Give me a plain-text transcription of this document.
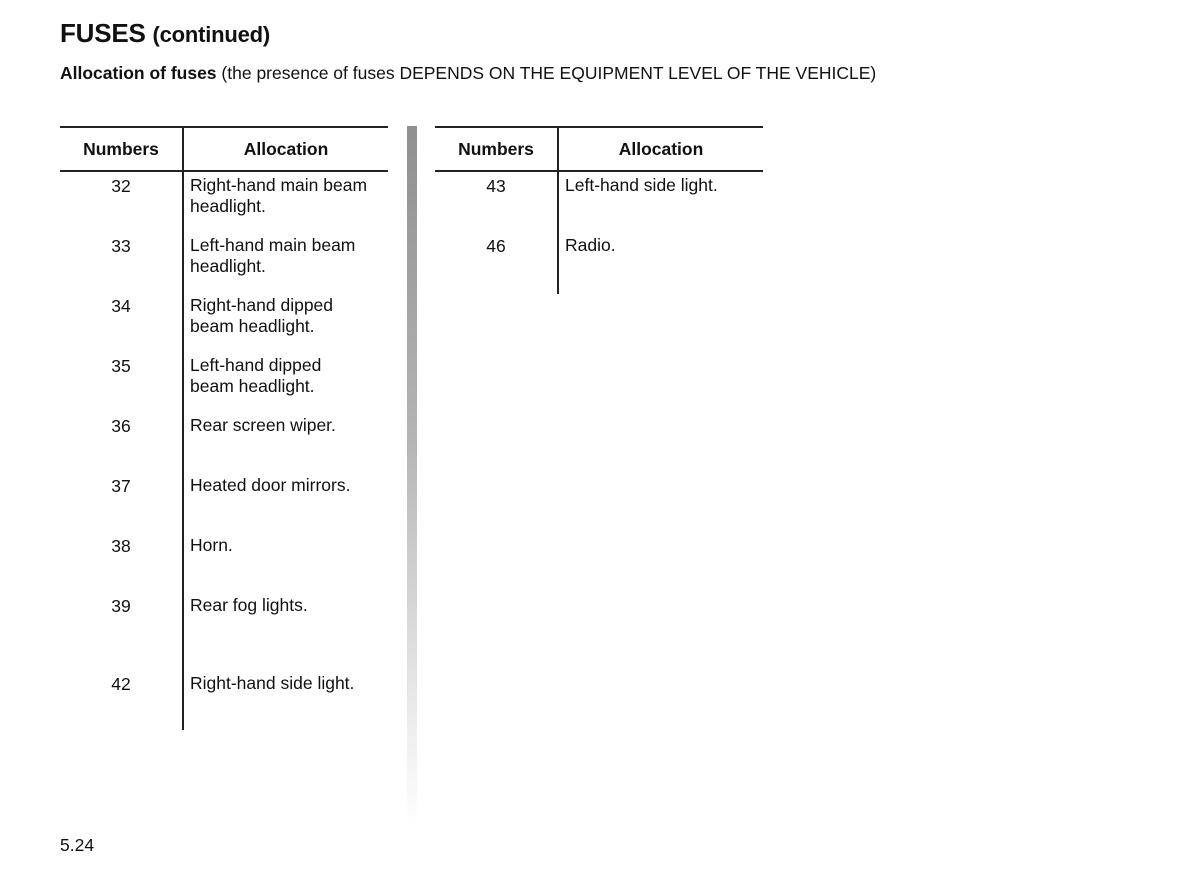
FUSES (continued)
Allocation of fuses (the presence of fuses DEPENDS ON THE EQUIPMENT LEVEL OF THE VEHICLE)
Numbers	Allocation
32	Right-hand main beam
headlight.
33	Left-hand main beam
headlight.
34	Right-hand dipped
beam headlight.
35	Left-hand dipped
beam headlight.
36	Rear screen wiper.
37	Heated door mirrors.
38	Horn.
39	Rear fog lights.
42	Right-hand side light.
Numbers	Allocation
43	Left-hand side light.
46	Radio.
5.24
